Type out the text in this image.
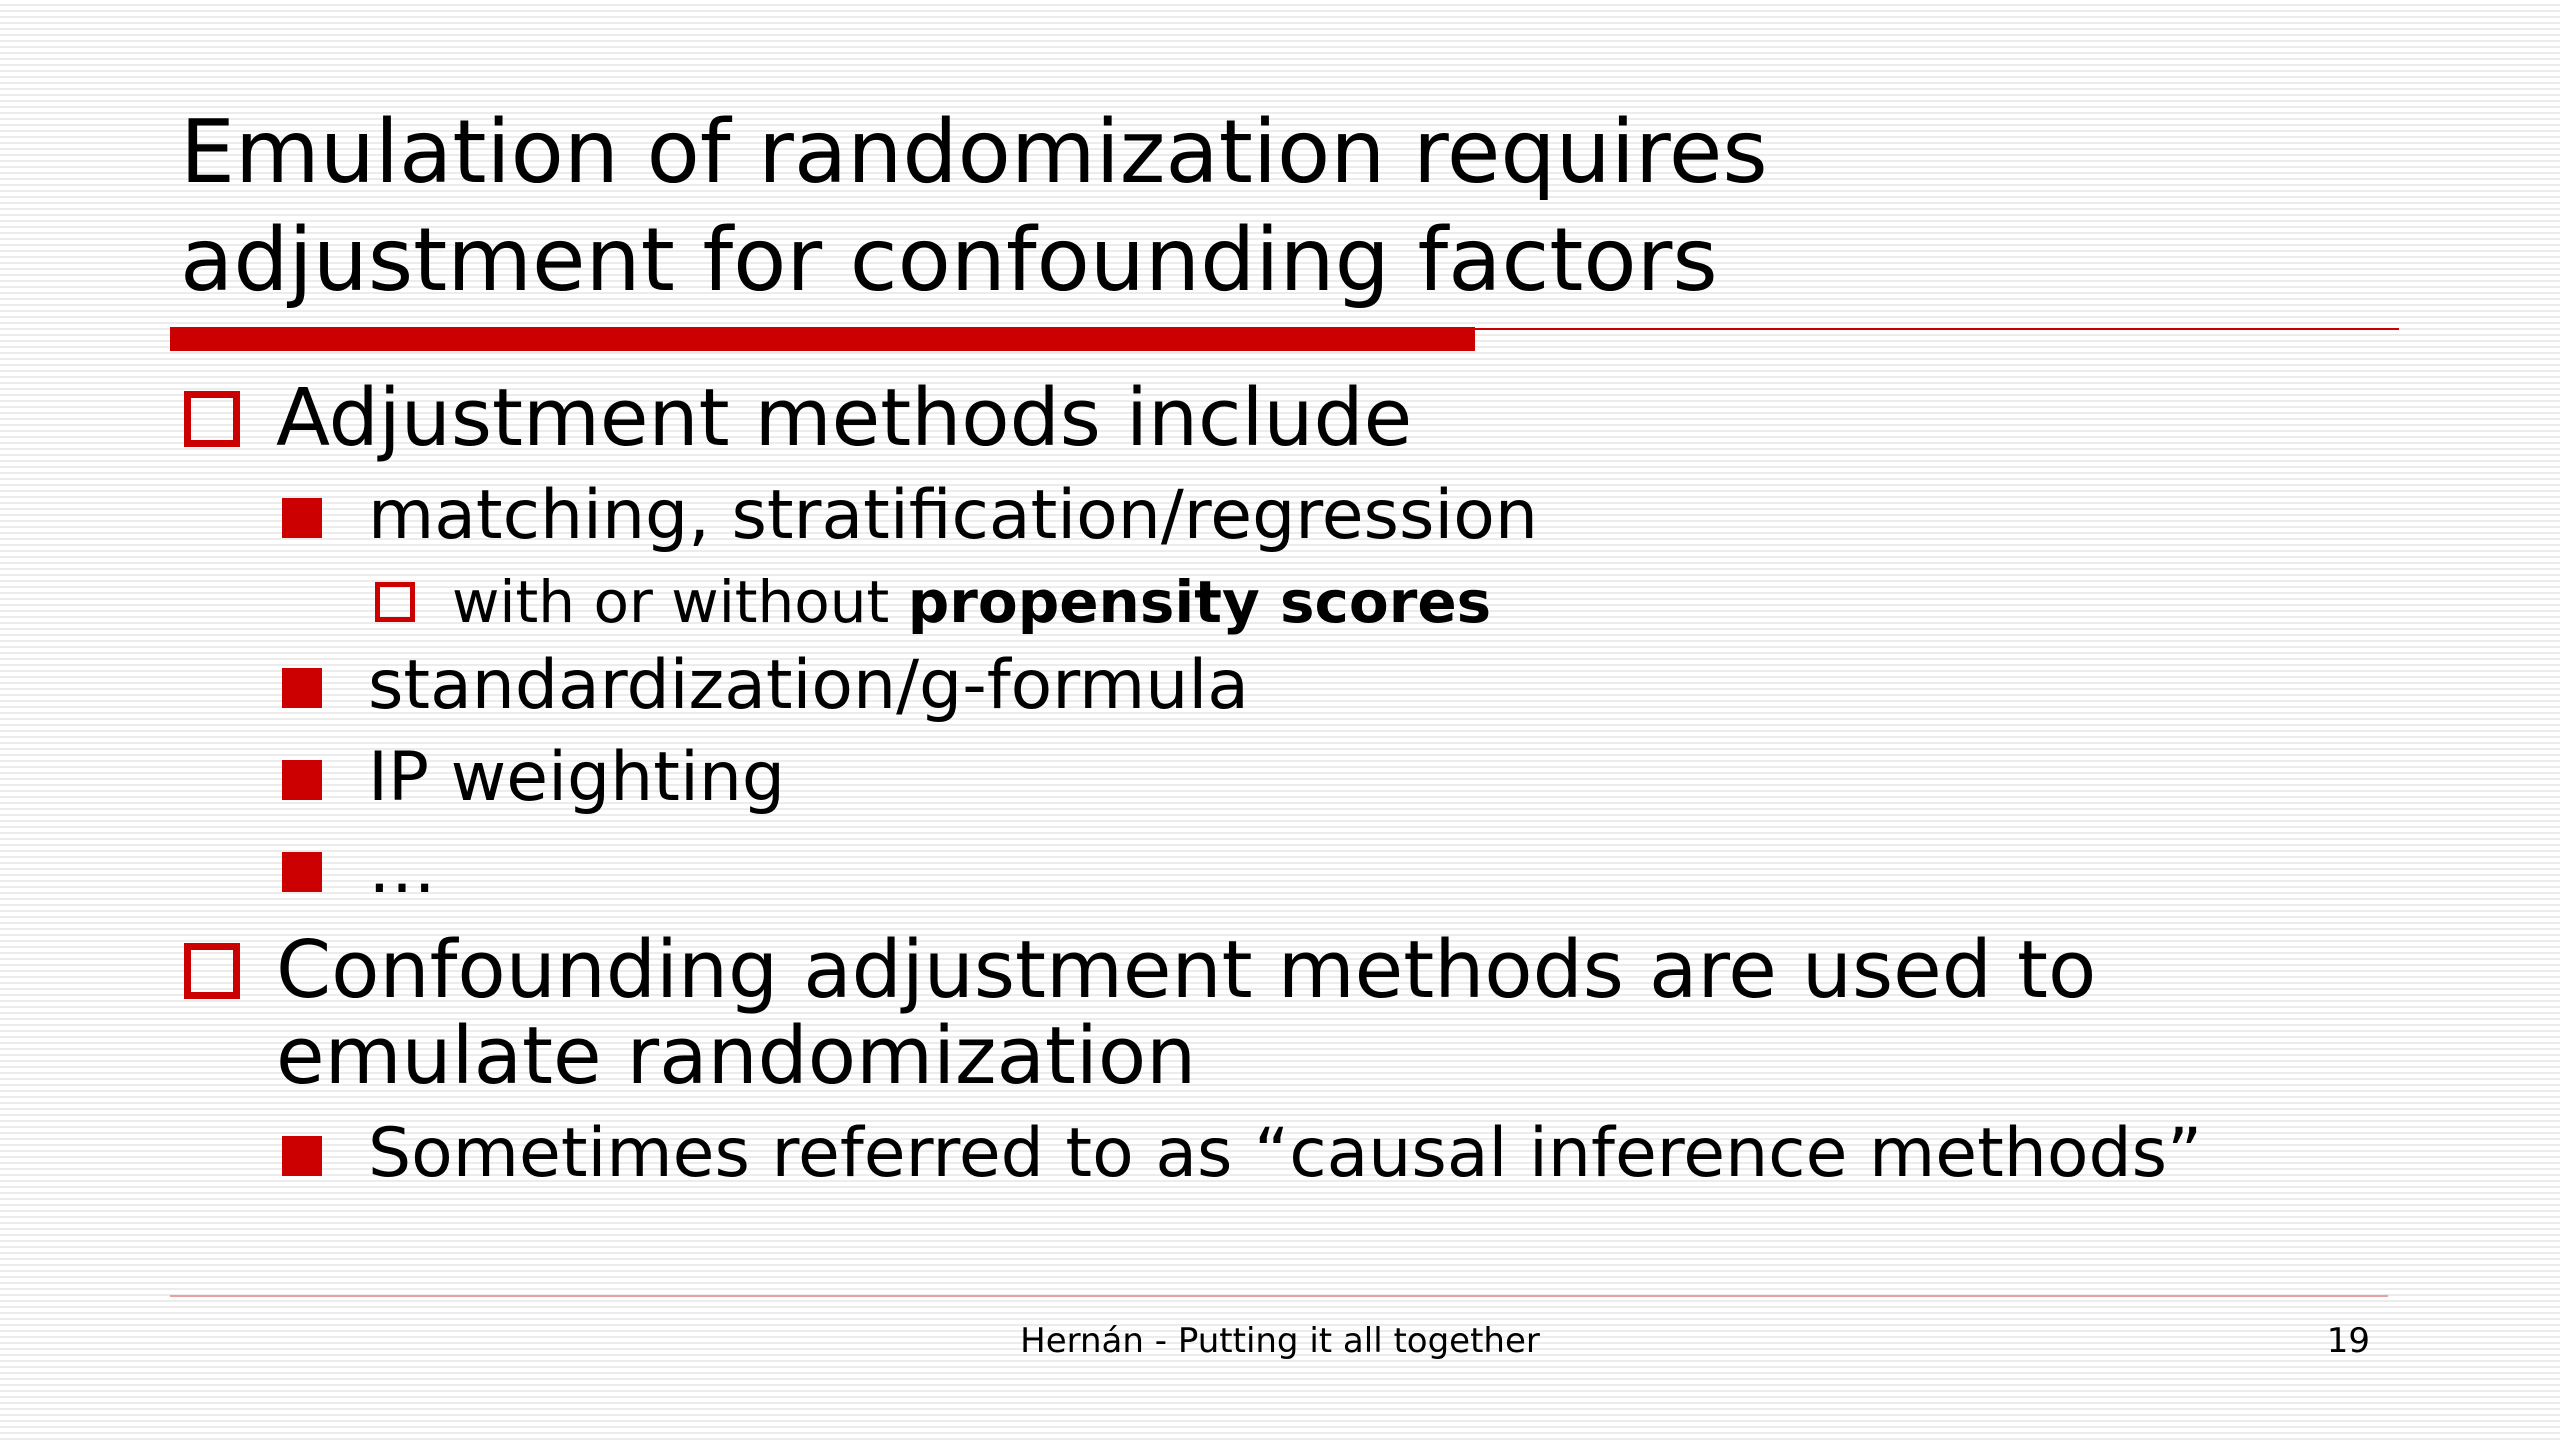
Emulation of randomization requires
adjustment for confounding factors
Adjustment methods include
matching, stratification/regression
with or without propensity scores
standardization/g-formula
IP weighting
…
Confounding adjustment methods are used to
emulate randomization
Sometimes referred to as “causal inference methods”
Hernán - Putting it all together	19
